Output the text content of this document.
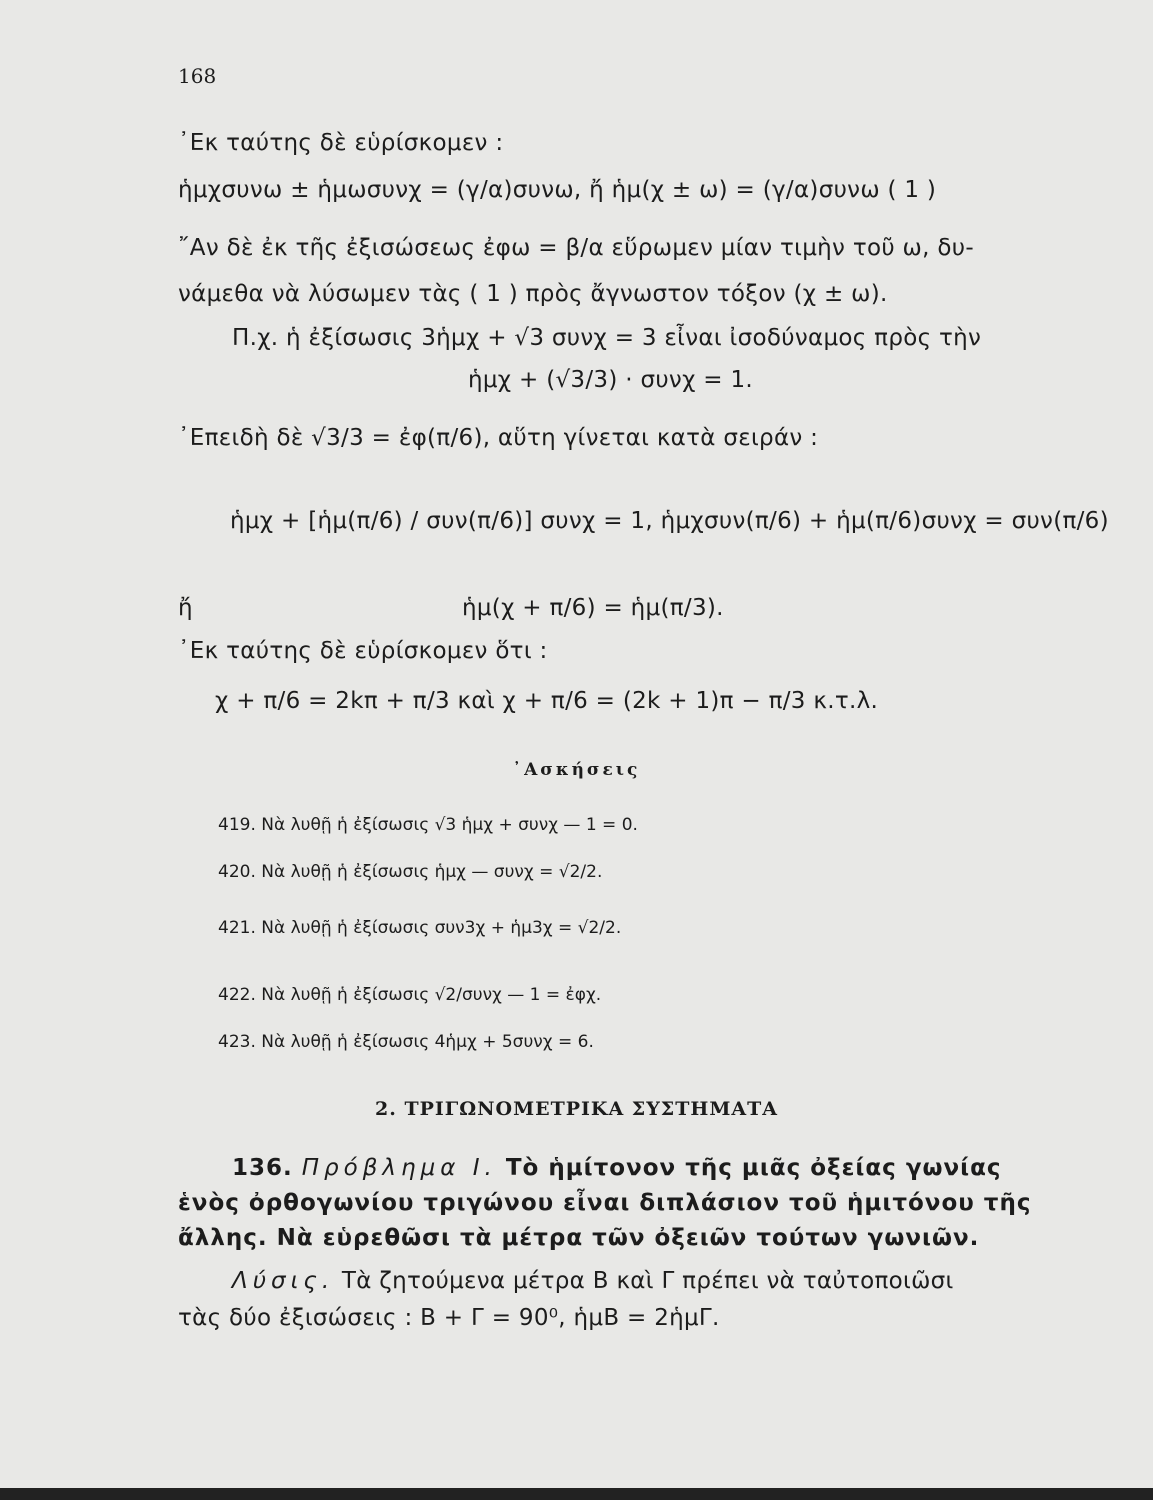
168
᾿Εκ ταύτης δὲ εὑρίσκομεν :
ἡμχσυνω ± ἡμωσυνχ = (γ/α)συνω, ἤ ἡμ(χ ± ω) = (γ/α)συνω ( 1 )
῎Αν δὲ ἐκ τῆς ἐξισώσεως ἐφω = β/α εὕρωμεν μίαν τιμὴν τοῦ ω, δυ-
νάμεθα νὰ λύσωμεν τὰς ( 1 ) πρὸς ἄγνωστον τόξον (χ ± ω).
Π.χ. ἡ ἐξίσωσις 3ἡμχ + √3 συνχ = 3 εἶναι ἰσοδύναμος πρὸς τὴν
ἡμχ + (√3/3) · συνχ = 1.
᾿Επειδὴ δὲ √3/3 = ἐφ(π/6), αὕτη γίνεται κατὰ σειράν :
ἡμχ + [ἡμ(π/6) / συν(π/6)] συνχ = 1, ἡμχσυν(π/6) + ἡμ(π/6)συνχ = συν(π/6)
ἤ	ἡμ(χ + π/6) = ἡμ(π/3).
᾿Εκ ταύτης δὲ εὑρίσκομεν ὅτι :
χ + π/6 = 2kπ + π/3 καὶ χ + π/6 = (2k + 1)π − π/3 κ.τ.λ.
᾿Ασκήσεις
419. Νὰ λυθῇ ἡ ἐξίσωσις √3 ἡμχ + συνχ — 1 = 0.
420. Νὰ λυθῇ ἡ ἐξίσωσις ἡμχ — συνχ = √2/2.
421. Νὰ λυθῇ ἡ ἐξίσωσις συν3χ + ἡμ3χ = √2/2.
422. Νὰ λυθῇ ἡ ἐξίσωσις √2/συνχ — 1 = ἐφχ.
423. Νὰ λυθῇ ἡ ἐξίσωσις 4ἡμχ + 5συνχ = 6.
2. ΤΡΙΓΩΝΟΜΕΤΡΙΚΑ ΣΥΣΤΗΜΑΤΑ
136. Πρόβλημα Ι. Τὸ ἡμίτονον τῆς μιᾶς ὀξείας γωνίας
ἑνὸς ὀρθογωνίου τριγώνου εἶναι διπλάσιον τοῦ ἡμιτόνου τῆς
ἄλλης. Νὰ εὑρεθῶσι τὰ μέτρα τῶν ὀξειῶν τούτων γωνιῶν.
Λύσις. Τὰ ζητούμενα μέτρα Β καὶ Γ πρέπει νὰ ταὐτοποιῶσι
τὰς δύο ἐξισώσεις : Β + Γ = 90⁰, ἡμΒ = 2ἡμΓ.
